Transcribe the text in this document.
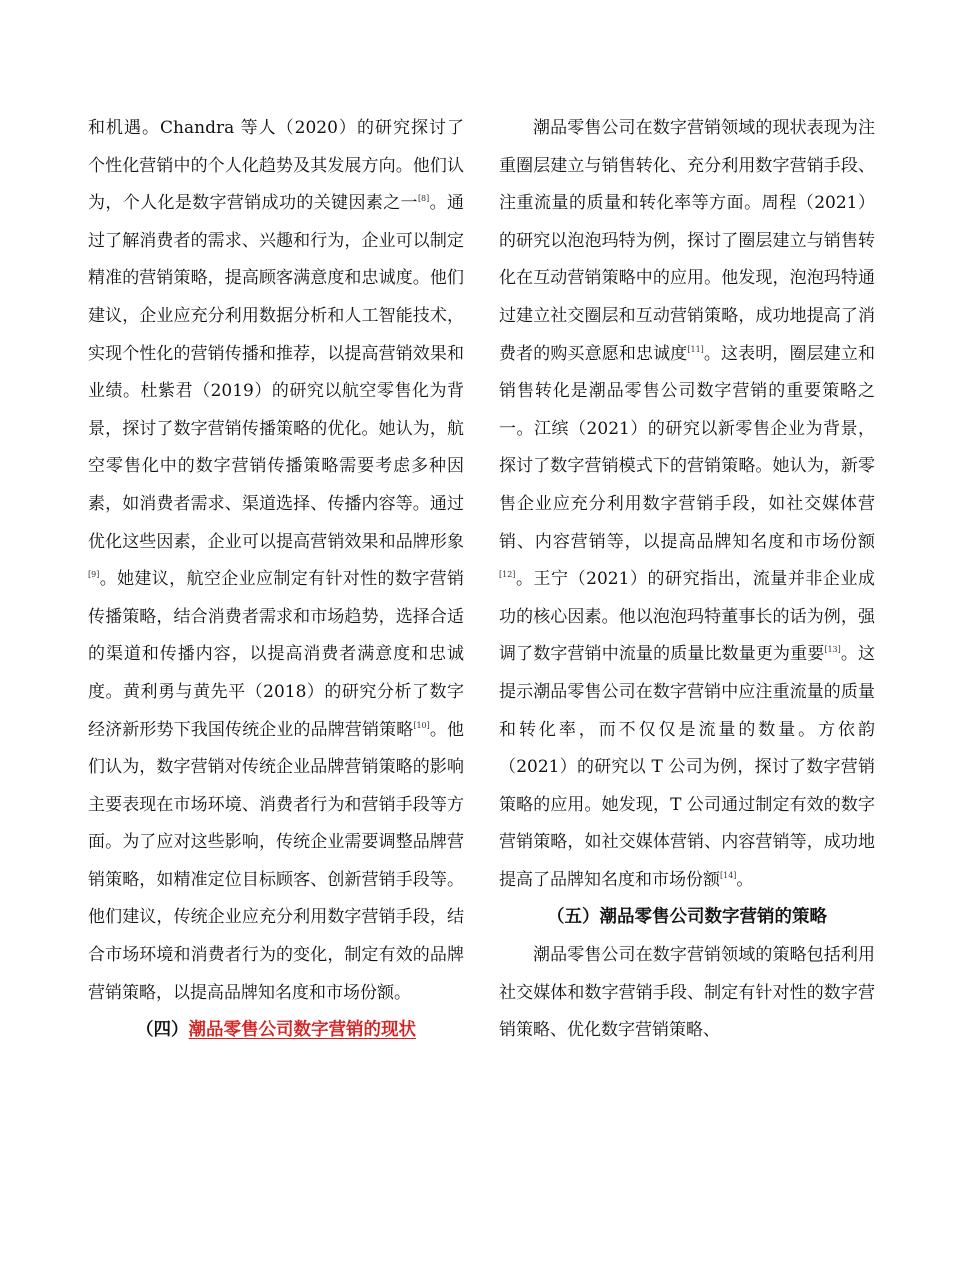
和机遇。Chandra 等人（2020）的研究探讨了个性化营销中的个人化趋势及其发展方向。他们认为，个人化是数字营销成功的关键因素之一[8]。通过了解消费者的需求、兴趣和行为，企业可以制定精准的营销策略，提高顾客满意度和忠诚度。他们建议，企业应充分利用数据分析和人工智能技术，实现个性化的营销传播和推荐，以提高营销效果和业绩。杜紫君（2019）的研究以航空零售化为背景，探讨了数字营销传播策略的优化。她认为，航空零售化中的数字营销传播策略需要考虑多种因素，如消费者需求、渠道选择、传播内容等。通过优化这些因素，企业可以提高营销效果和品牌形象[9]。她建议，航空企业应制定有针对性的数字营销传播策略，结合消费者需求和市场趋势，选择合适的渠道和传播内容，以提高消费者满意度和忠诚度。黄利勇与黄先平（2018）的研究分析了数字经济新形势下我国传统企业的品牌营销策略[10]。他们认为，数字营销对传统企业品牌营销策略的影响主要表现在市场环境、消费者行为和营销手段等方面。为了应对这些影响，传统企业需要调整品牌营销策略，如精准定位目标顾客、创新营销手段等。他们建议，传统企业应充分利用数字营销手段，结合市场环境和消费者行为的变化，制定有效的品牌营销策略，以提高品牌知名度和市场份额。

（四）潮品零售公司数字营销的现状

潮品零售公司在数字营销领域的现状表现为注重圈层建立与销售转化、充分利用数字营销手段、注重流量的质量和转化率等方面。周程（2021）的研究以泡泡玛特为例，探讨了圈层建立与销售转化在互动营销策略中的应用。他发现，泡泡玛特通过建立社交圈层和互动营销策略，成功地提高了消费者的购买意愿和忠诚度[11]。这表明，圈层建立和销售转化是潮品零售公司数字营销的重要策略之一。江缤（2021）的研究以新零售企业为背景，探讨了数字营销模式下的营销策略。她认为，新零售企业应充分利用数字营销手段，如社交媒体营销、内容营销等，以提高品牌知名度和市场份额[12]。王宁（2021）的研究指出，流量并非企业成功的核心因素。他以泡泡玛特董事长的话为例，强调了数字营销中流量的质量比数量更为重要[13]。这提示潮品零售公司在数字营销中应注重流量的质量和转化率，而不仅仅是流量的数量。方依韵（2021）的研究以 T 公司为例，探讨了数字营销策略的应用。她发现，T 公司通过制定有效的数字营销策略，如社交媒体营销、内容营销等，成功地提高了品牌知名度和市场份额[14]。

（五）潮品零售公司数字营销的策略

潮品零售公司在数字营销领域的策略包括利用社交媒体和数字营销手段、制定有针对性的数字营销策略、优化数字营销策略、
